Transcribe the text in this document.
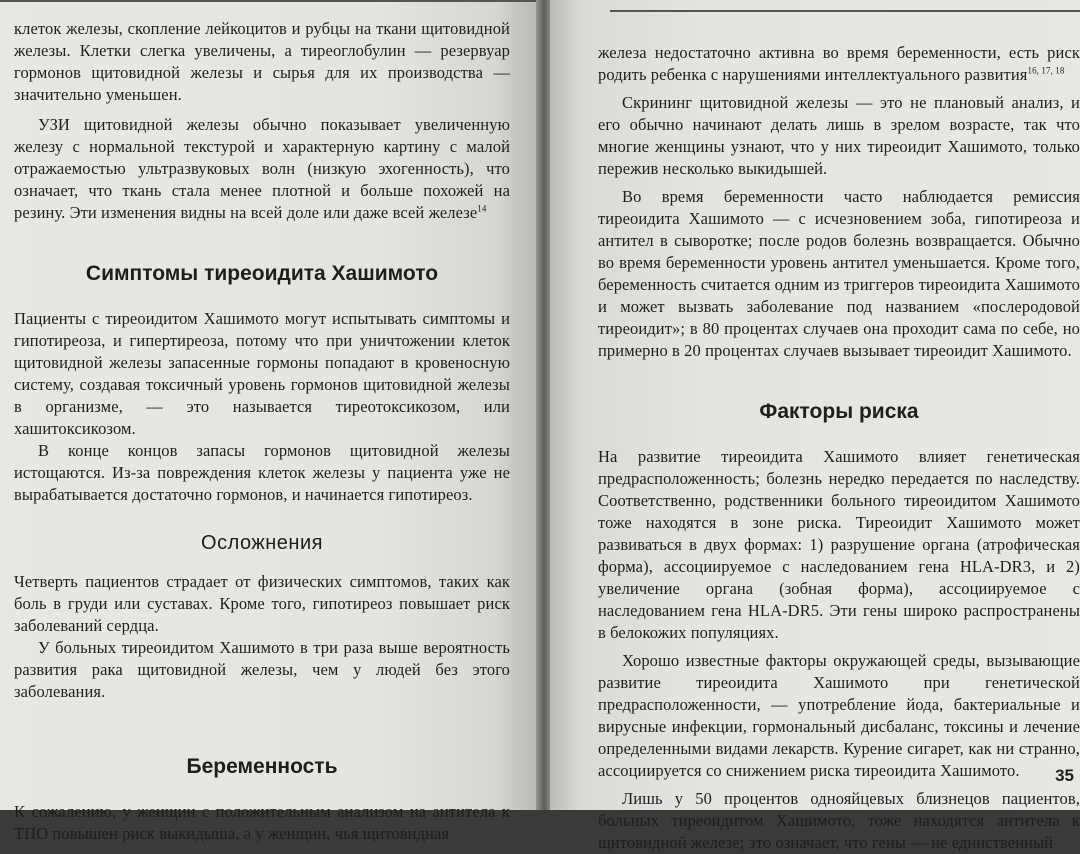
клеток железы, скопление лейкоцитов и рубцы на ткани щитовидной железы. Клетки слегка увеличены, а тиреоглобулин — резервуар гормонов щитовидной железы и сырья для их производства — значительно уменьшен.

УЗИ щитовидной железы обычно показывает увеличенную железу с нормальной текстурой и характерную картину с малой отражаемостью ультразвуковых волн (низкую эхогенность), что означает, что ткань стала менее плотной и больше похожей на резину. Эти изменения видны на всей доле или даже всей железе$^{14}$

Симптомы тиреоидита Хашимото

Пациенты с тиреоидитом Хашимото могут испытывать симптомы и гипотиреоза, и гипертиреоза, потому что при уничтожении клеток щитовидной железы запасенные гормоны попадают в кровеносную систему, создавая токсичный уровень гормонов щитовидной железы в организме, — это называется тиреотоксикозом, или хашитоксикозом.

В конце концов запасы гормонов щитовидной железы истощаются. Из-за повреждения клеток железы у пациента уже не вырабатывается достаточно гормонов, и начинается гипотиреоз.

Осложнения

Четверть пациентов страдает от физических симптомов, таких как боль в груди или суставах. Кроме того, гипотиреоз повышает риск заболеваний сердца.

У больных тиреоидитом Хашимото в три раза выше вероятность развития рака щитовидной железы, чем у людей без этого заболевания.

Беременность

К сожалению, у женщин с положительным анализом на антитела к ТПО повышен риск выкидыша, а у женщин, чья щитовидная

железа недостаточно активна во время беременности, есть риск родить ребенка с нарушениями интеллектуального развития$^{16, 17, 18}$

Скрининг щитовидной железы — это не плановый анализ, и его обычно начинают делать лишь в зрелом возрасте, так что многие женщины узнают, что у них тиреоидит Хашимото, только пережив несколько выкидышей.

Во время беременности часто наблюдается ремиссия тиреоидита Хашимото — с исчезновением зоба, гипотиреоза и антител в сыворотке; после родов болезнь возвращается. Обычно во время беременности уровень антител уменьшается. Кроме того, беременность считается одним из триггеров тиреоидита Хашимото и может вызвать заболевание под названием «послеродовой тиреоидит»; в 80 процентах случаев она проходит сама по себе, но примерно в 20 процентах случаев вызывает тиреоидит Хашимото.

Факторы риска

На развитие тиреоидита Хашимото влияет генетическая предрасположенность; болезнь нередко передается по наследству. Соответственно, родственники больного тиреоидитом Хашимото тоже находятся в зоне риска. Тиреоидит Хашимото может развиваться в двух формах: 1) разрушение органа (атрофическая форма), ассоциируемое с наследованием гена HLA-DR3, и 2) увеличение органа (зобная форма), ассоциируемое с наследованием гена HLA-DR5. Эти гены широко распространены в белокожих популяциях.

Хорошо известные факторы окружающей среды, вызывающие развитие тиреоидита Хашимото при генетической предрасположенности, — употребление йода, бактериальные и вирусные инфекции, гормональный дисбаланс, токсины и лечение определенными видами лекарств. Курение сигарет, как ни странно, ассоциируется со снижением риска тиреоидита Хашимото.

Лишь у 50 процентов однояйцевых близнецов пациентов, больных тиреоидитом Хашимото, тоже находятся антитела к щитовидной железе; это означает, что гены — не единственный

35
